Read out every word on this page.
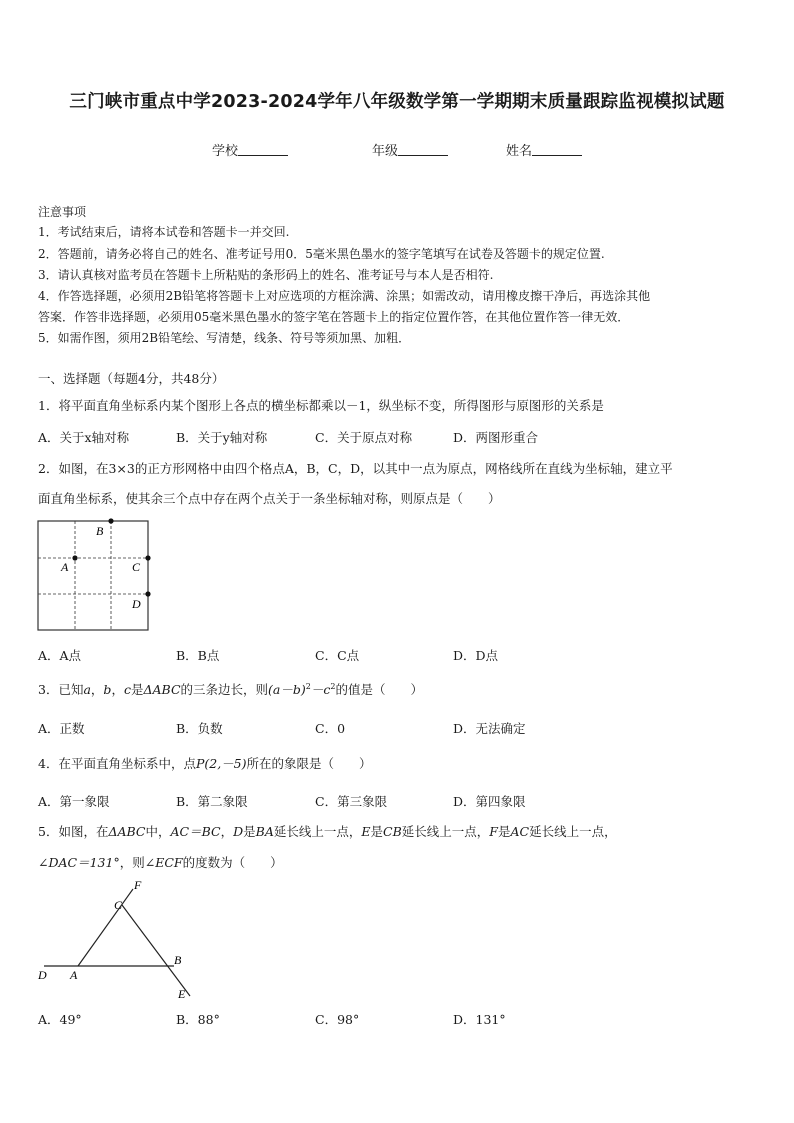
三门峡市重点中学2023-2024学年八年级数学第一学期期末质量跟踪监视模拟试题
学校	年级	姓名
注意事项
1．考试结束后，请将本试卷和答题卡一并交回.
2．答题前，请务必将自己的姓名、准考证号用0．5毫米黑色墨水的签字笔填写在试卷及答题卡的规定位置.
3．请认真核对监考员在答题卡上所粘贴的条形码上的姓名、准考证号与本人是否相符.
4．作答选择题，必须用2B铅笔将答题卡上对应选项的方框涂满、涂黑；如需改动，请用橡皮擦干净后，再选涂其他
答案．作答非选择题，必须用05毫米黑色墨水的签字笔在答题卡上的指定位置作答，在其他位置作答一律无效．
5．如需作图，须用2B铅笔绘、写清楚，线条、符号等须加黑、加粗．
一、选择题（每题4分，共48分）
1．将平面直角坐标系内某个图形上各点的横坐标都乘以－1，纵坐标不变，所得图形与原图形的关系是
A．关于x轴对称	B．关于y轴对称	C．关于原点对称	D．两图形重合
2．如图，在3×3的正方形网格中由四个格点A，B，C，D，以其中一点为原点，网格线所在直线为坐标轴，建立平
面直角坐标系，使其余三个点中存在两个点关于一条坐标轴对称，则原点是（　　）
B
A	C
D
A．A点	B．B点	C．C点	D．D点
3．已知a，b，c是ΔABC的三条边长，则$(a-b)^2-c^2$的值是（　　）
A．正数	B．负数	C．0	D．无法确定
4．在平面直角坐标系中，点P(2,－5)所在的象限是（　　）
A．第一象限	B．第二象限	C．第三象限	D．第四象限
5．如图，在ΔABC中，AC＝BC，D是BA延长线上一点，E是CB延长线上一点，F是AC延长线上一点，
∠DAC＝131°，则∠ECF的度数为（　　）
F
C
B
D A
E
A．49°	B．88°	C．98°	D．131°
